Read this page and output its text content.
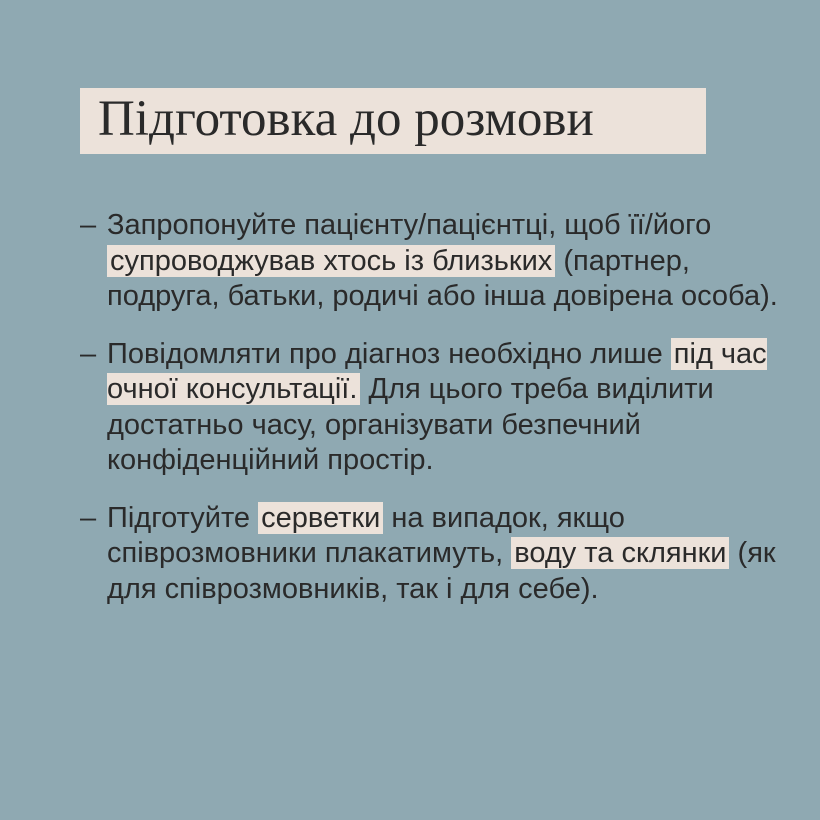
Підготовка до розмови
– Запропонуйте пацієнту/пацієнтці, щоб її/його супроводжував хтось із близьких (партнер, подруга, батьки, родичі або інша довірена особа).
– Повідомляти про діагноз необхідно лише під час очної консультації. Для цього треба виділити достатньо часу, організувати безпечний конфіденційний простір.
– Підготуйте серветки на випадок, якщо співрозмовники плакатимуть, воду та склянки (як для співрозмовників, так і для себе).
